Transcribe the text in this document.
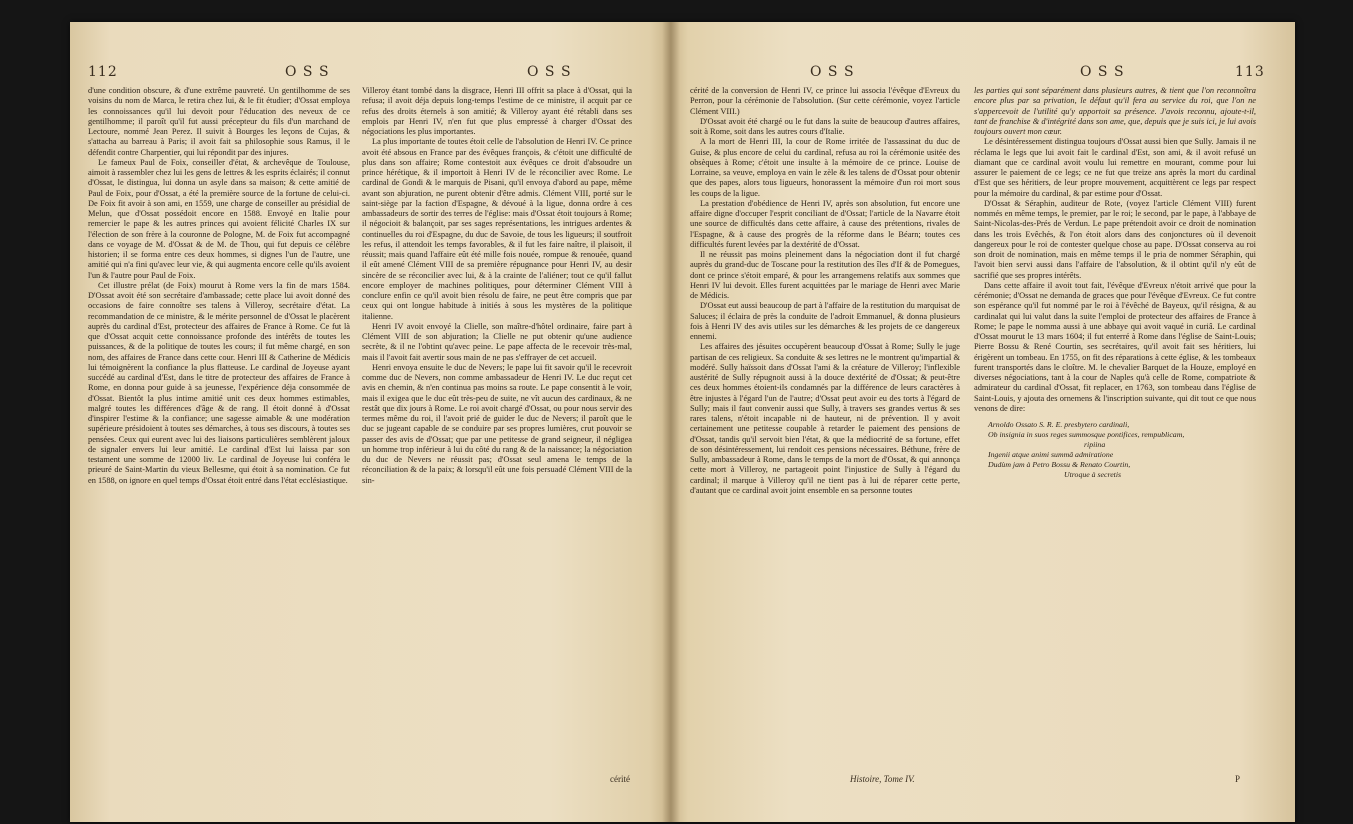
112	O S S	O S S

d'une condition obscure, & d'une extrême pauvreté. Un gentilhomme de ses voisins du nom de Marca, le retira chez lui, & le fit étudier; d'Ossat employa les connoissances qu'il lui devoit pour l'éducation des neveux de ce gentilhomme; il paroît qu'il fut aussi précepteur du fils d'un marchand de Lectoure, nommé Jean Perez. Il suivit à Bourges les leçons de Cujas, & s'attacha au barreau à Paris; il avoit fait sa philosophie sous Ramus, il le défendit contre Charpentier, qui lui répondit par des injures.

Le fameux Paul de Foix, conseiller d'état, & archevêque de Toulouse, aimoit à rassembler chez lui les gens de lettres & les esprits éclairés; il connut d'Ossat, le distingua, lui donna un asyle dans sa maison; & cette amitié de Paul de Foix, pour d'Ossat, a été la première source de la fortune de celui-ci. De Foix fit avoir à son ami, en 1559, une charge de conseiller au présidial de Melun, que d'Ossat possédoit encore en 1588. Envoyé en Italie pour remercier le pape & les autres princes qui avoient félicité Charles IX sur l'élection de son frère à la couronne de Pologne, M. de Foix fut accompagné dans ce voyage de M. d'Ossat & de M. de Thou, qui fut depuis ce célèbre historien; il se forma entre ces deux hommes, si dignes l'un de l'autre, une amitié qui n'a fini qu'avec leur vie, & qui augmenta encore celle qu'ils avoient l'un & l'autre pour Paul de Foix.

Cet illustre prélat (de Foix) mourut à Rome vers la fin de mars 1584. D'Ossat avoit été son secrétaire d'ambassade; cette place lui avoit donné des occasions de faire connoître ses talens à Villeroy, secrétaire d'état. La recommandation de ce ministre, & le mérite personnel de d'Ossat le placèrent auprès du cardinal d'Est, protecteur des affaires de France à Rome. Ce fut là que d'Ossat acquit cette connoissance profonde des intérêts de toutes les puissances, & de la politique de toutes les cours; il fut même chargé, en son nom, des affaires de France dans cette cour. Henri III & Catherine de Médicis lui témoignèrent la confiance la plus flatteuse. Le cardinal de Joyeuse ayant succédé au cardinal d'Est, dans le titre de protecteur des affaires de France à Rome, en donna pour guide à sa jeunesse, l'expérience déja consommée de d'Ossat. Bientôt la plus intime amitié unit ces deux hommes estimables, malgré toutes les différences d'âge & de rang. Il étoit donné à d'Ossat d'inspirer l'estime & la confiance; une sagesse aimable & une modération supérieure présidoient à toutes ses démarches, à tous ses discours, à toutes ses pensées. Ceux qui eurent avec lui des liaisons particulières semblèrent jaloux de signaler envers lui leur amitié. Le cardinal d'Est lui laissa par son testament une somme de 12000 liv. Le cardinal de Joyeuse lui conféra le prieuré de Saint-Martin du vieux Bellesme, qui étoit à sa nomination. Ce fut en 1588, on ignore en quel temps d'Ossat étoit entré dans l'état ecclésiastique.

Villeroy étant tombé dans la disgrace, Henri III offrit sa place à d'Ossat, qui la refusa; il avoit déja depuis long-temps l'estime de ce ministre, il acquit par ce refus des droits éternels à son amitié; & Villeroy ayant été rétabli dans ses emplois par Henri IV, n'en fut que plus empressé à charger d'Ossat des négociations les plus importantes.

La plus importante de toutes étoit celle de l'absolution de Henri IV. Ce prince avoit été absous en France par des évêques françois, & c'étoit une difficulté de plus dans son affaire; Rome contestoit aux évêques ce droit d'absoudre un prince hérétique, & il importoit à Henri IV de le réconcilier avec Rome. Le cardinal de Gondi & le marquis de Pisani, qu'il envoya d'abord au pape, même avant son abjuration, ne purent obtenir d'être admis. Clément VIII, porté sur le saint-siège par la faction d'Espagne, & dévoué à la ligue, donna ordre à ces ambassadeurs de sortir des terres de l'église: mais d'Ossat étoit toujours à Rome; il négocioit & balançoit, par ses sages représentations, les intrigues ardentes & continuelles du roi d'Espagne, du duc de Savoie, de tous les ligueurs; il soutfroit les refus, il attendoit les temps favorables, & il fut les faire naître, il plaisoit, il réussit; mais quand l'affaire eût été mille fois nouée, rompue & renouée, quand il eût amené Clément VIII de sa première répugnance pour Henri IV, au desir sincère de se réconcilier avec lui, & à la crainte de l'aliéner; tout ce qu'il fallut encore employer de machines politiques, pour déterminer Clément VIII à conclure enfin ce qu'il avoit bien résolu de faire, ne peut être compris que par ceux qui ont longue habitude à initiés à sous les mystères de la politique italienne.

Henri IV avoit envoyé la Clielle, son maître-d'hôtel ordinaire, faire part à Clément VIII de son abjuration; la Clielle ne put obtenir qu'une audience secrète, & il ne l'obtint qu'avec peine. Le pape affecta de le recevoir très-mal, mais il l'avoit fait avertir sous main de ne pas s'effrayer de cet accueil.

Henri envoya ensuite le duc de Nevers; le pape lui fit savoir qu'il le recevroit comme duc de Nevers, non comme ambassadeur de Henri IV. Le duc reçut cet avis en chemin, & n'en continua pas moins sa route. Le pape consentit à le voir, mais il exigea que le duc eût très-peu de suite, ne vît aucun des cardinaux, & ne restât que dix jours à Rome. Le roi avoit chargé d'Ossat, ou pour nous servir des termes même du roi, il l'avoit prié de guider le duc de Nevers; il paroît que le duc se jugeant capable de se conduire par ses propres lumières, crut pouvoir se passer des avis de d'Ossat; que par une petitesse de grand seigneur, il négligea un homme trop inférieur à lui du côté du rang & de la naissance; la négociation du duc de Nevers ne réussit pas; d'Ossat seul amena le temps de la réconciliation & de la paix; & lorsqu'il eût une fois persuadé Clément VIII de la sin-

cérité
O S S	O S S	113

cérité de la conversion de Henri IV, ce prince lui associa l'évêque d'Evreux du Perron, pour la cérémonie de l'absolution. (Sur cette cérémonie, voyez l'article Clément VIII.)

D'Ossat avoit été chargé ou le fut dans la suite de beaucoup d'autres affaires, soit à Rome, soit dans les autres cours d'Italie.

A la mort de Henri III, la cour de Rome irritée de l'assassinat du duc de Guise, & plus encore de celui du cardinal, refusa au roi la cérémonie usitée des obsèques à Rome; c'étoit une insulte à la mémoire de ce prince. Louise de Lorraine, sa veuve, employa en vain le zèle & les talens de d'Ossat pour obtenir que des papes, alors tous ligueurs, honorassent la mémoire d'un roi mort sous les coups de la ligue.

La prestation d'obédience de Henri IV, après son absolution, fut encore une affaire digne d'occuper l'esprit conciliant de d'Ossat; l'article de la Navarre étoit une source de difficultés dans cette affaire, à cause des prétentions, rivales de l'Espagne, & à cause des progrès de la réforme dans le Béarn; toutes ces difficultés furent levées par la dextérité de d'Ossat.

Il ne réussit pas moins pleinement dans la négociation dont il fut chargé auprès du grand-duc de Toscane pour la restitution des îles d'If & de Pomegues, dont ce prince s'étoit emparé, & pour les arrangemens relatifs aux sommes que Henri IV lui devoit. Elles furent acquittées par le mariage de Henri avec Marie de Médicis.

D'Ossat eut aussi beaucoup de part à l'affaire de la restitution du marquisat de Saluces; il éclaira de près la conduite de l'adroit Emmanuel, & donna plusieurs fois à Henri IV des avis utiles sur les démarches & les projets de ce dangereux ennemi.

Les affaires des jésuites occupèrent beaucoup d'Ossat à Rome; Sully le juge partisan de ces religieux. Sa conduite & ses lettres ne le montrent qu'impartial & modéré. Sully haïssoit dans d'Ossat l'ami & la créature de Villeroy; l'inflexible austérité de Sully répugnoit aussi à la douce dextérité de d'Ossat; & peut-être ces deux hommes étoient-ils condamnés par la différence de leurs caractères à être injustes à l'égard l'un de l'autre; d'Ossat peut avoir eu des torts à l'égard de Sully; mais il faut convenir aussi que Sully, à travers ses grandes vertus & ses rares talens, n'étoit incapable ni de hauteur, ni de prévention. Il y avoit certainement une petitesse coupable à retarder le paiement des pensions de d'Ossat, tandis qu'il servoit bien l'état, & que la médiocrité de sa fortune, effet de son désintéressement, lui rendoit ces pensions nécessaires. Béthune, frère de Sully, ambassadeur à Rome, dans le temps de la mort de d'Ossat, & qui annonça cette mort à Villeroy, ne partageoit point l'injustice de Sully à l'égard du cardinal; il marque à Villeroy qu'il ne tient pas à lui de réparer cette perte, d'autant que ce cardinal avoit joint ensemble en sa personne toutes

les parties qui sont séparément dans plusieurs autres, & tient que l'on reconnoîtra encore plus par sa privation, le défaut qu'il fera au service du roi, que l'on ne s'appercevoit de l'utilité qu'y apportoit sa présence. J'avois reconnu, ajoute-t-il, tant de franchise & d'intégrité dans son ame, que, depuis que je suis ici, je lui avois toujours ouvert mon cœur.

Le désintéressement distingua toujours d'Ossat aussi bien que Sully. Jamais il ne réclama le legs que lui avoit fait le cardinal d'Est, son ami, & il avoit refusé un diamant que ce cardinal avoit voulu lui remettre en mourant, comme pour lui assurer le paiement de ce legs; ce ne fut que treize ans après la mort du cardinal d'Est que ses héritiers, de leur propre mouvement, acquittèrent ce legs par respect pour la mémoire du cardinal, & par estime pour d'Ossat.

D'Ossat & Séraphin, auditeur de Rote, (voyez l'article Clément VIII) furent nommés en même temps, le premier, par le roi; le second, par le pape, à l'abbaye de Saint-Nicolas-des-Prés de Verdun. Le pape prétendoit avoir ce droit de nomination dans les trois Evêchés, & l'on étoit alors dans des conjonctures où il devenoit dangereux pour le roi de contester quelque chose au pape. D'Ossat conserva au roi son droit de nomination, mais en même temps il le pria de nommer Séraphin, qui l'avoit bien servi aussi dans l'affaire de l'absolution, & il obtint qu'il n'y eût de sacrifié que ses propres intérêts.

Dans cette affaire il avoit tout fait, l'évêque d'Evreux n'étoit arrivé que pour la cérémonie; d'Ossat ne demanda de graces que pour l'évêque d'Evreux. Ce fut contre son espérance qu'il fut nommé par le roi à l'évêché de Bayeux, qu'il résigna, & au cardinalat qui lui valut dans la suite l'emploi de protecteur des affaires de France à Rome; le pape le nomma aussi à une abbaye qui avoit vaqué in curiâ. Le cardinal d'Ossat mourut le 13 mars 1604; il fut enterré à Rome dans l'église de Saint-Louis; Pierre Bossu & René Courtin, ses secrétaires, qu'il avoit fait ses héritiers, lui érigèrent un tombeau. En 1755, on fit des réparations à cette église, & les tombeaux furent transportés dans le cloître. M. le chevalier Barquet de la Houze, employé en diverses négociations, tant à la cour de Naples qu'à celle de Rome, compatriote & admirateur du cardinal d'Ossat, fit replacer, en 1763, son tombeau dans l'église de Saint-Louis, y ajouta des ornemens & l'inscription suivante, qui dit tout ce que nous venons de dire:

Arnoldo Ossato S. R. E. presbytero cardinali,
Ob insignia in suos reges summosque pontifices, rempublicam,
ripiina
Ingenii atque animi summâ admiratione
Dudùm jam à Petro Bossu & Renato Courtin,
Utroque à secretis
Histoire, Tome IV.	P
